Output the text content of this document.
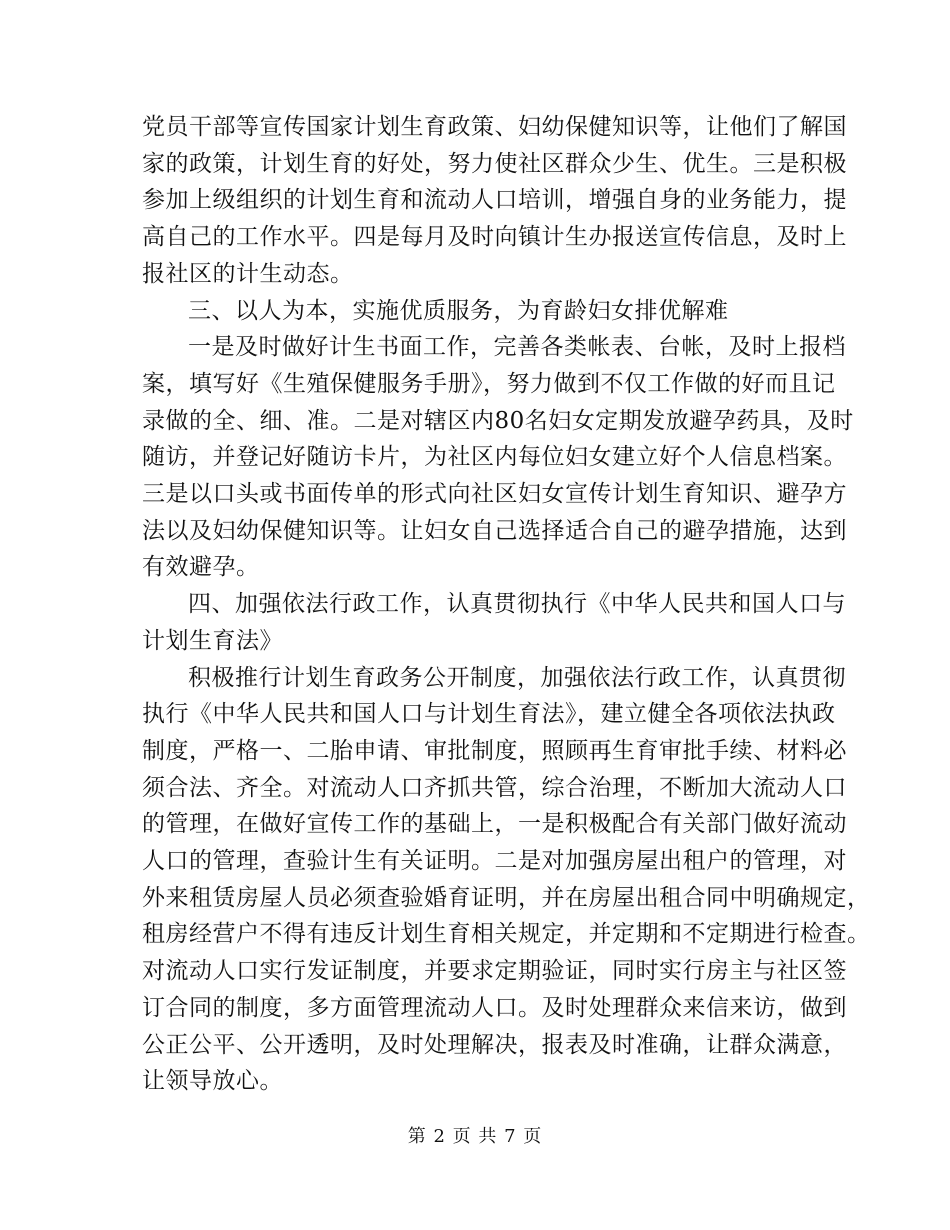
党员干部等宣传国家计划生育政策、妇幼保健知识等，让他们了解国
家的政策，计划生育的好处，努力使社区群众少生、优生。三是积极
参加上级组织的计划生育和流动人口培训，增强自身的业务能力，提
高自己的工作水平。四是每月及时向镇计生办报送宣传信息，及时上
报社区的计生动态。
三、以人为本，实施优质服务，为育龄妇女排优解难
一是及时做好计生书面工作，完善各类帐表、台帐，及时上报档
案，填写好《生殖保健服务手册》，努力做到不仅工作做的好而且记
录做的全、细、准。二是对辖区内80名妇女定期发放避孕药具，及时
随访，并登记好随访卡片，为社区内每位妇女建立好个人信息档案。
三是以口头或书面传单的形式向社区妇女宣传计划生育知识、避孕方
法以及妇幼保健知识等。让妇女自己选择适合自己的避孕措施，达到
有效避孕。
四、加强依法行政工作，认真贯彻执行《中华人民共和国人口与
计划生育法》
积极推行计划生育政务公开制度，加强依法行政工作，认真贯彻
执行《中华人民共和国人口与计划生育法》，建立健全各项依法执政
制度，严格一、二胎申请、审批制度，照顾再生育审批手续、材料必
须合法、齐全。对流动人口齐抓共管，综合治理，不断加大流动人口
的管理，在做好宣传工作的基础上，一是积极配合有关部门做好流动
人口的管理，查验计生有关证明。二是对加强房屋出租户的管理，对
外来租赁房屋人员必须查验婚育证明，并在房屋出租合同中明确规定，
租房经营户不得有违反计划生育相关规定，并定期和不定期进行检查。
对流动人口实行发证制度，并要求定期验证，同时实行房主与社区签
订合同的制度，多方面管理流动人口。及时处理群众来信来访，做到
公正公平、公开透明，及时处理解决，报表及时准确，让群众满意，
让领导放心。
第 2 页 共 7 页
